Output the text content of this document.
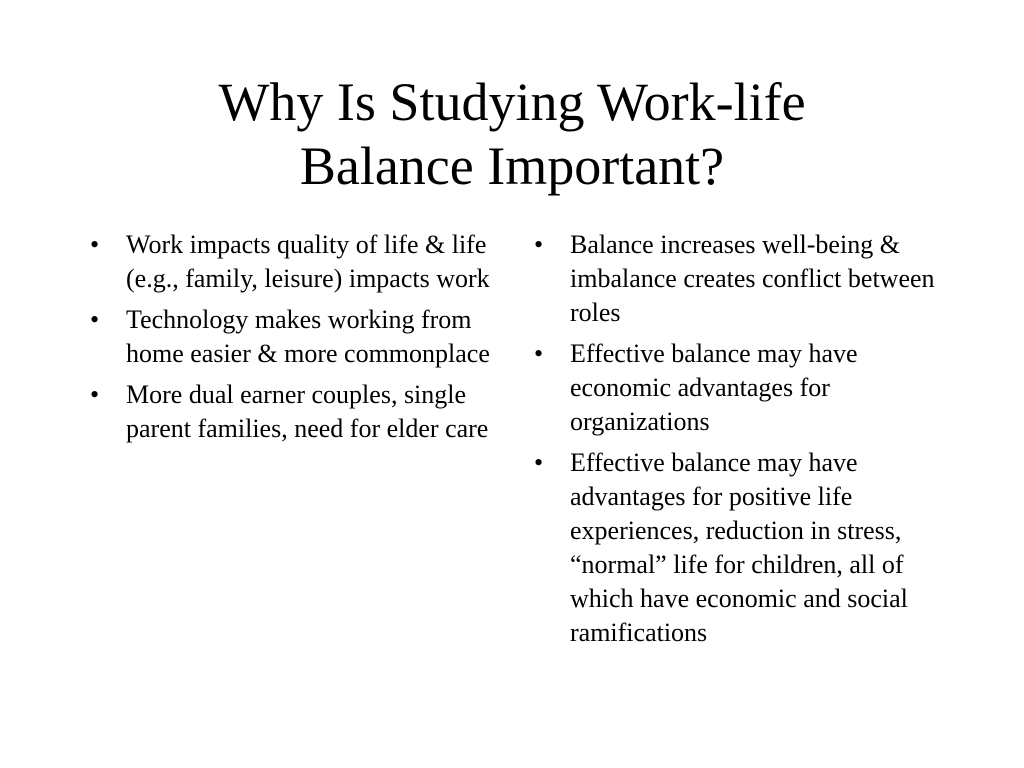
Why Is Studying Work-life
Balance Important?
• Work impacts quality of life & life (e.g., family, leisure) impacts work
• Technology makes working from home easier & more commonplace
• More dual earner couples, single parent families, need for elder care
• Balance increases well-being & imbalance creates conflict between roles
• Effective balance may have economic advantages for organizations
• Effective balance may have advantages for positive life experiences, reduction in stress, “normal” life for children, all of which have economic and social ramifications
